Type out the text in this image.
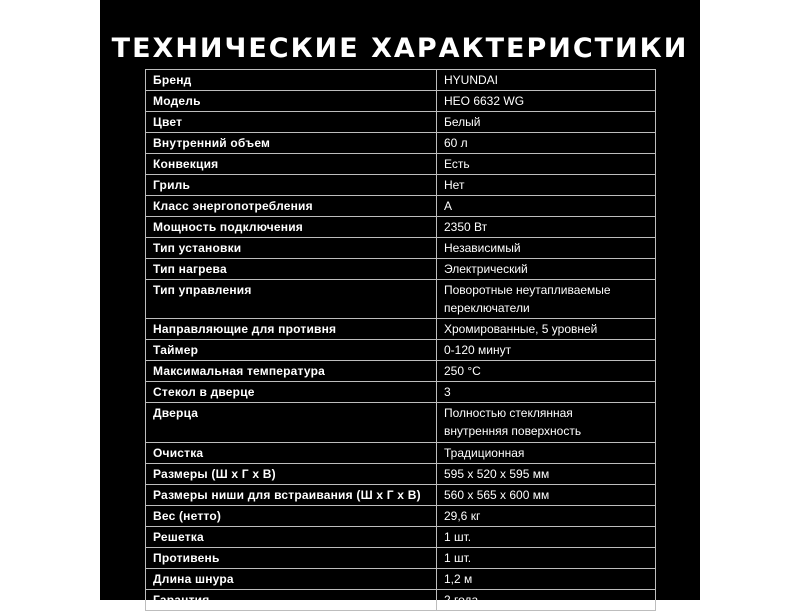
ТЕХНИЧЕСКИЕ ХАРАКТЕРИСТИКИ
Бренд	HYUNDAI
Модель	HEO 6632 WG
Цвет	Белый
Внутренний объем	60 л
Конвекция	Есть
Гриль	Нет
Класс энергопотребления	A
Мощность подключения	2350 Вт
Тип установки	Независимый
Тип нагрева	Электрический
Тип управления	Поворотные неутапливаемые
переключатели

Направляющие для противня	Хромированные, 5 уровней
Таймер	0-120 минут
Максимальная температура	250 °C
Стекол в дверце	3
Дверца	Полностью стеклянная
внутренняя поверхность

Очистка	Традиционная
Размеры (Ш х Г х В)	595 х 520 х 595 мм
Размеры ниши для встраивания (Ш х Г х В)	560 х 565 х 600 мм
Вес (нетто)	29,6 кг
Решетка	1 шт.
Противень	1 шт.
Длина шнура	1,2 м
Гарантия	2 года
